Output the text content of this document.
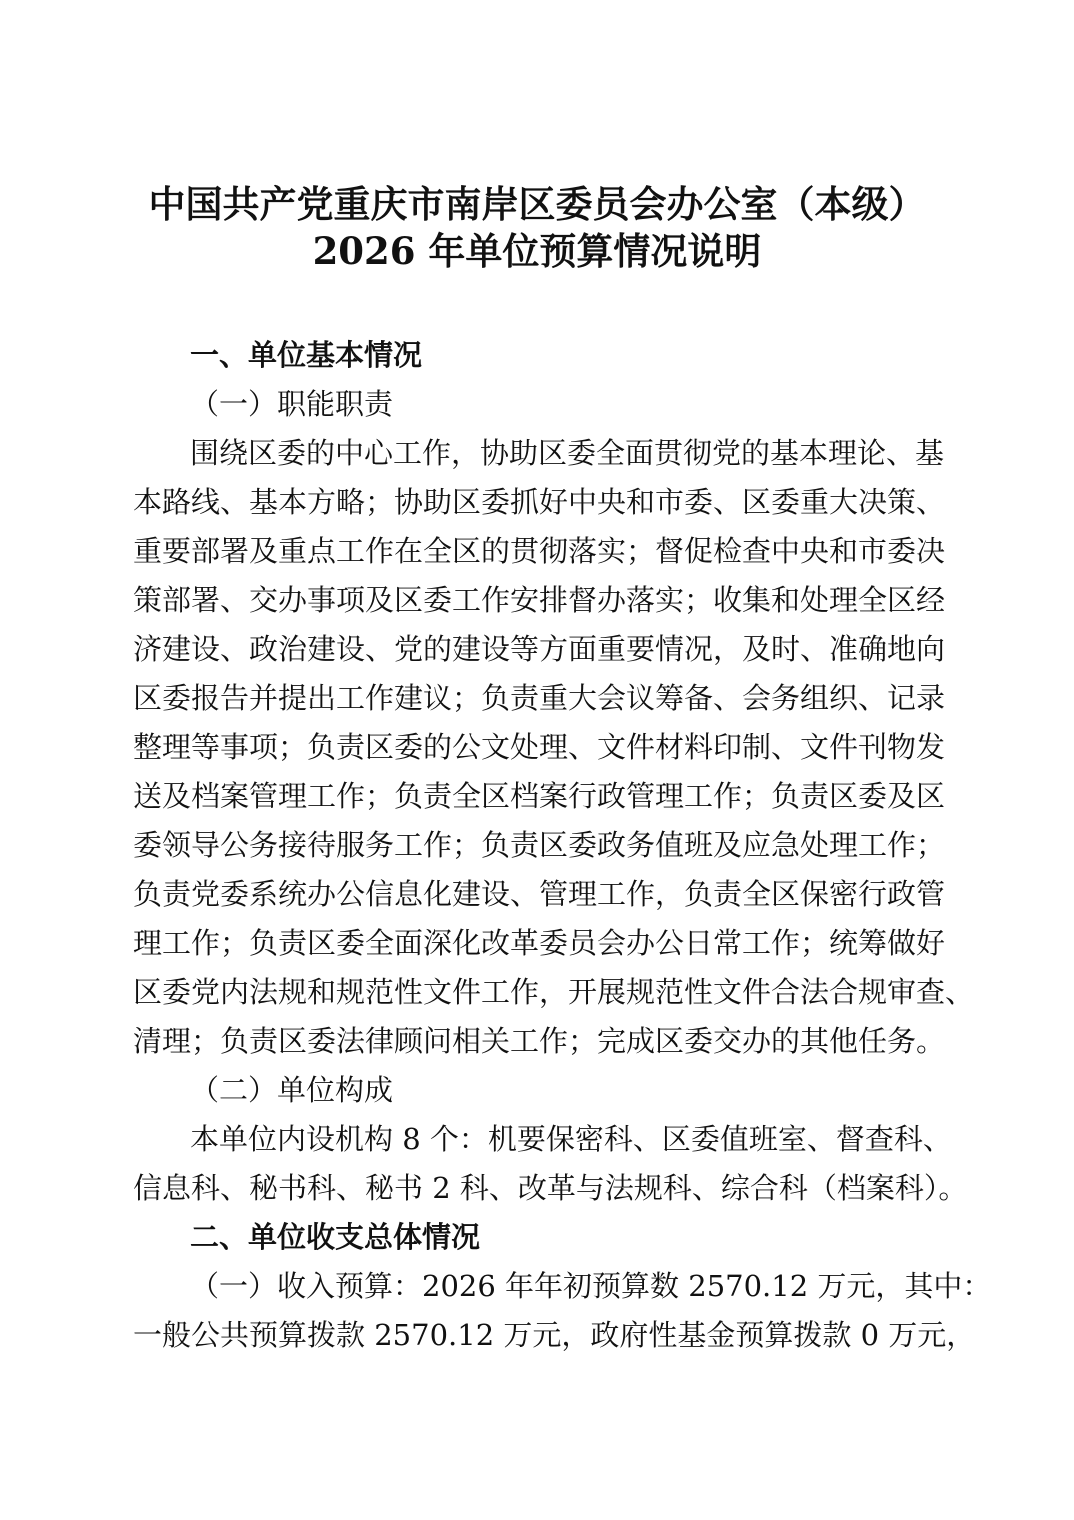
中国共产党重庆市南岸区委员会办公室（本级）
2026 年单位预算情况说明
一、单位基本情况
（一）职能职责
围绕区委的中心工作，协助区委全面贯彻党的基本理论、基
本路线、基本方略；协助区委抓好中央和市委、区委重大决策、
重要部署及重点工作在全区的贯彻落实；督促检查中央和市委决
策部署、交办事项及区委工作安排督办落实；收集和处理全区经
济建设、政治建设、党的建设等方面重要情况，及时、准确地向
区委报告并提出工作建议；负责重大会议筹备、会务组织、记录
整理等事项；负责区委的公文处理、文件材料印制、文件刊物发
送及档案管理工作；负责全区档案行政管理工作；负责区委及区
委领导公务接待服务工作；负责区委政务值班及应急处理工作；
负责党委系统办公信息化建设、管理工作，负责全区保密行政管
理工作；负责区委全面深化改革委员会办公日常工作；统筹做好
区委党内法规和规范性文件工作，开展规范性文件合法合规审查、
清理；负责区委法律顾问相关工作；完成区委交办的其他任务。
（二）单位构成
本单位内设机构 8 个：机要保密科、区委值班室、督查科、
信息科、秘书科、秘书 2 科、改革与法规科、综合科（档案科）。
二、单位收支总体情况
（一）收入预算：2026 年年初预算数 2570.12 万元，其中：
一般公共预算拨款 2570.12 万元，政府性基金预算拨款 0 万元，
